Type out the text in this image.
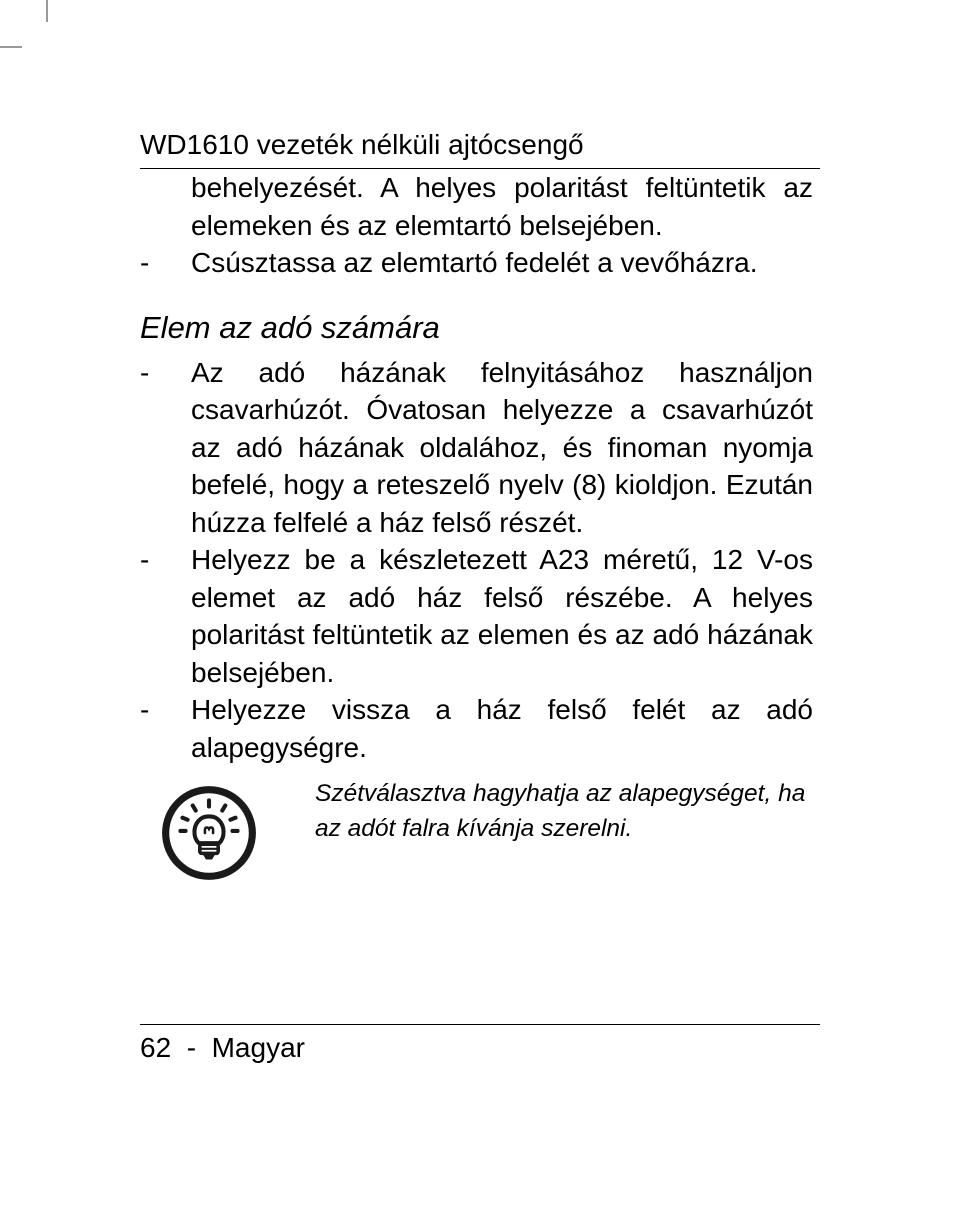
WD1610 vezeték nélküli ajtócsengő

behelyezését. A helyes polaritást feltüntetik az elemeken és az elemtartó belsejében.
- Csúsztassa az elemtartó fedelét a vevőházra.
Elem az adó számára
- Az adó házának felnyitásához használjon csavarhúzót. Óvatosan helyezze a csavarhúzót az adó házának oldalához, és finoman nyomja befelé, hogy a reteszelő nyelv (8) kioldjon. Ezután húzza felfelé a ház felső részét.
- Helyezz be a készletezett A23 méretű, 12 V-os elemet az adó ház felső részébe. A helyes polaritást feltüntetik az elemen és az adó házának belsejében.
- Helyezze vissza a ház felső felét az adó alapegységre.
Szétválasztva hagyhatja az alapegységet, ha az adót falra kívánja szerelni.
62 - Magyar
